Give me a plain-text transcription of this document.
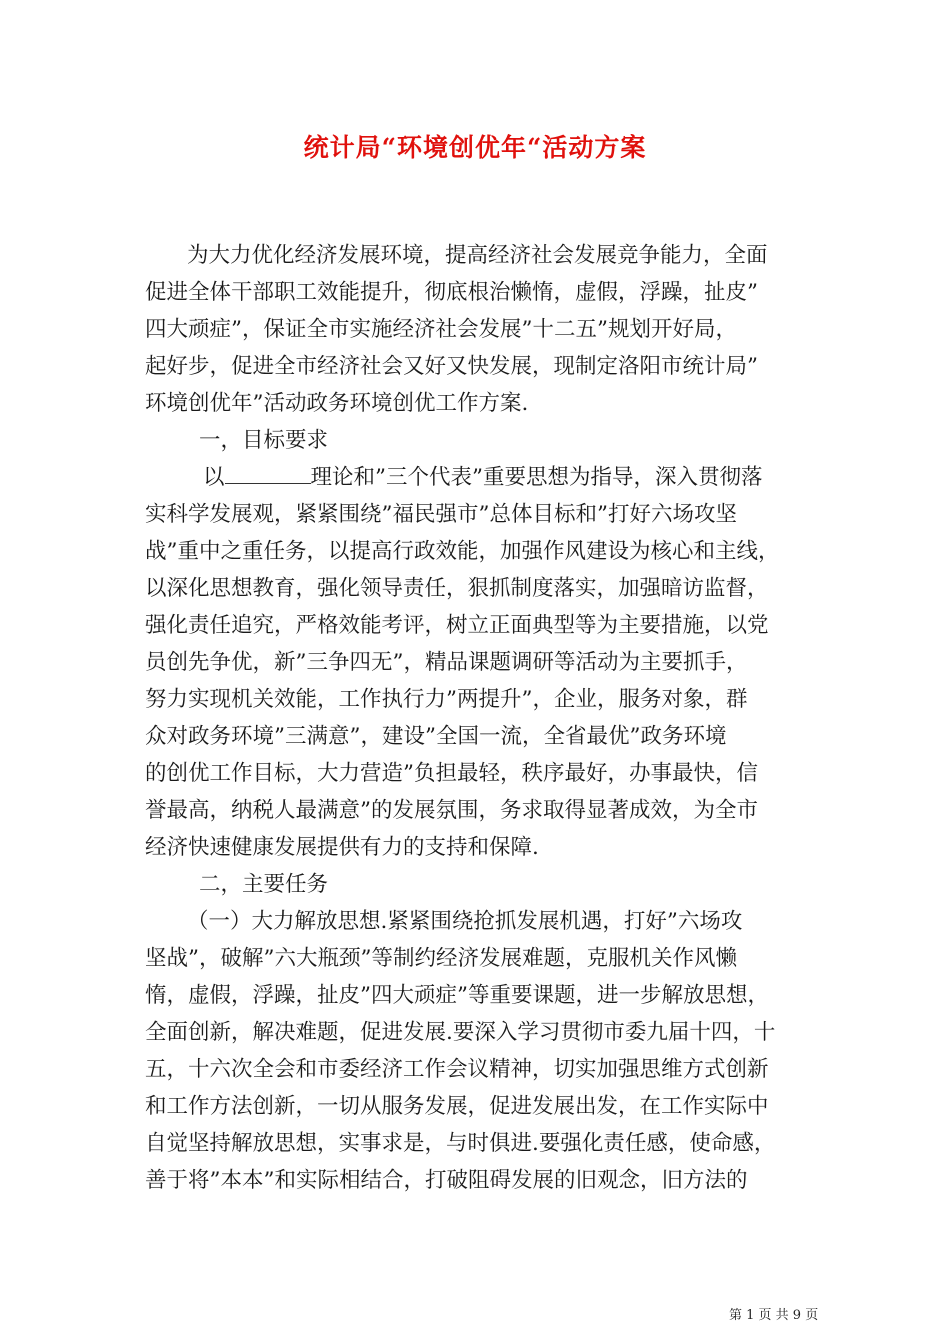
统计局“环境创优年“活动方案
为大力优化经济发展环境，提高经济社会发展竞争能力，全面
促进全体干部职工效能提升，彻底根治懒惰，虚假，浮躁，扯皮”
四大顽症”，保证全市实施经济社会发展”十二五”规划开好局，
起好步，促进全市经济社会又好又快发展，现制定洛阳市统计局”
环境创优年”活动政务环境创优工作方案.
一，目标要求
以	理论和”三个代表”重要思想为指导，深入贯彻落
实科学发展观，紧紧围绕”福民强市”总体目标和”打好六场攻坚
战”重中之重任务，以提高行政效能，加强作风建设为核心和主线，
以深化思想教育，强化领导责任，狠抓制度落实，加强暗访监督，
强化责任追究，严格效能考评，树立正面典型等为主要措施，以党
员创先争优，新”三争四无”，精品课题调研等活动为主要抓手，
努力实现机关效能，工作执行力”两提升”，企业，服务对象，群
众对政务环境”三满意”，建设”全国一流，全省最优”政务环境
的创优工作目标，大力营造”负担最轻，秩序最好，办事最快，信
誉最高，纳税人最满意”的发展氛围，务求取得显著成效，为全市
经济快速健康发展提供有力的支持和保障.
二，主要任务
（一）大力解放思想.紧紧围绕抢抓发展机遇，打好”六场攻
坚战”，破解”六大瓶颈”等制约经济发展难题，克服机关作风懒
惰，虚假，浮躁，扯皮”四大顽症”等重要课题，进一步解放思想，
全面创新，解决难题，促进发展.要深入学习贯彻市委九届十四，十
五，十六次全会和市委经济工作会议精神，切实加强思维方式创新
和工作方法创新，一切从服务发展，促进发展出发，在工作实际中
自觉坚持解放思想，实事求是，与时俱进.要强化责任感，使命感，
善于将”本本”和实际相结合，打破阻碍发展的旧观念，旧方法的
第 1 页 共 9 页
